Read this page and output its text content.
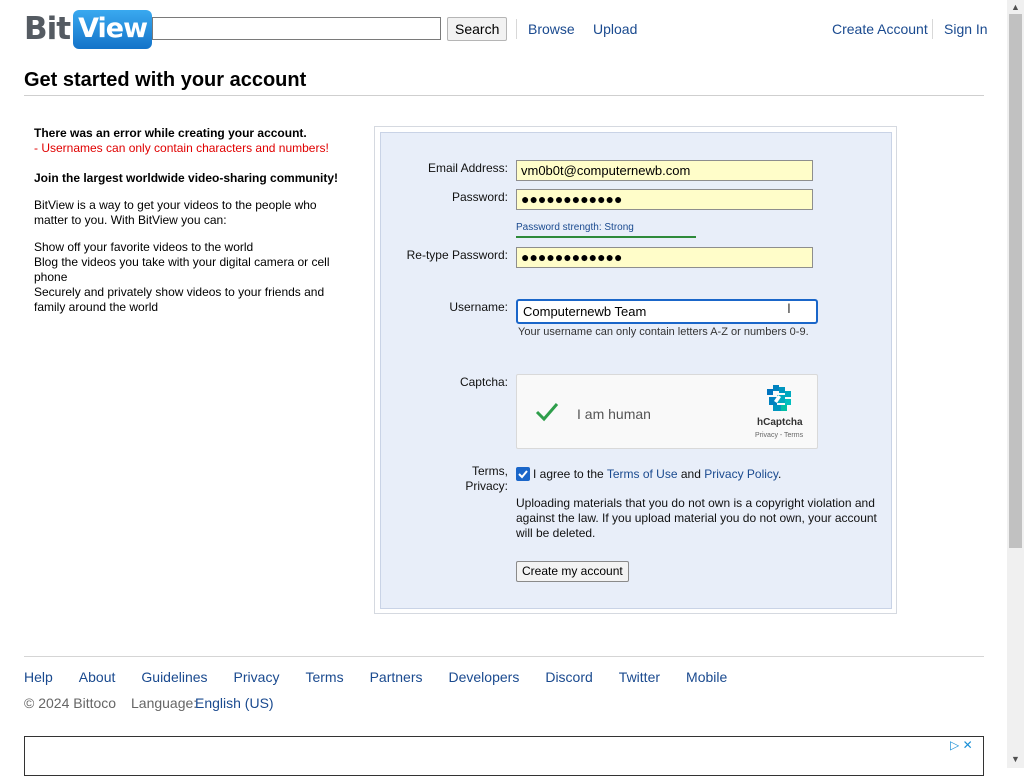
Bit View	Search	Browse Upload	Create Account Sign In
Get started with your account

There was an error while creating your account.

- Usernames can only contain characters and numbers!

Join the largest worldwide video-sharing community!

BitView is a way to get your videos to the people who matter to you. With BitView you can:

Show off your favorite videos to the world

Blog the videos you take with your digital camera or cell phone

Securely and privately show videos to your friends and family around the world

Email Address:	vm0b0t@computernewb.com
Password: ●●●●●●●●●●●●
Password strength: Strong
Re-type Password: ●●●●●●●●●●●●
Username:	Computernewb Team	I
Your username can only contain letters A-Z or numbers 0-9.
Captcha:
I am human
hCaptcha
Privacy - Terms
Terms,
Privacy:
I agree to the Terms of Use and Privacy Policy.
Uploading materials that you do not own is a copyright violation and against the law. If you upload material you do not own, your account will be deleted.
Create my account
Help About Guidelines Privacy Terms Partners Developers Discord Twitter Mobile
© 2024 Bittoco Language:
English (US)
▷ ✕
▲
▼
